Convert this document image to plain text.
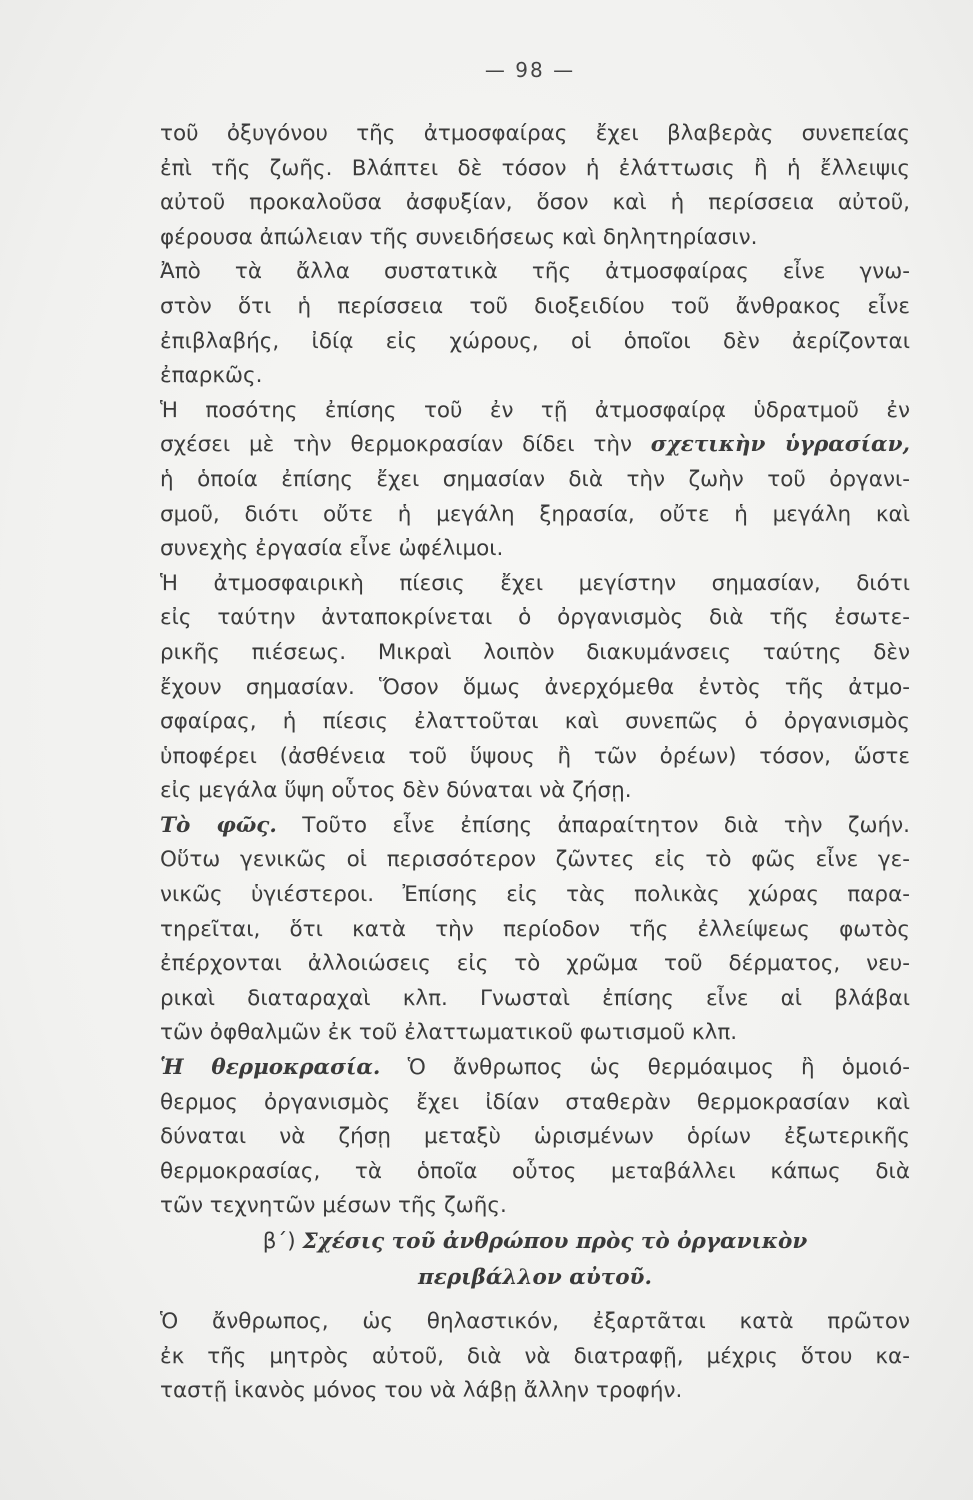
— 98 —
τοῦ ὀξυγόνου τῆς ἀτμοσφαίρας ἔχει βλαβερὰς συνεπείας
ἐπὶ τῆς ζωῆς. Βλάπτει δὲ τόσον ἡ ἐλάττωσις ἢ ἡ ἔλλειψις
αὐτοῦ προκαλοῦσα ἀσφυξίαν, ὅσον καὶ ἡ περίσσεια αὐτοῦ,
φέρουσα ἀπώλειαν τῆς συνειδήσεως καὶ δηλητηρίασιν.
Ἀπὸ τὰ ἄλλα συστατικὰ τῆς ἀτμοσφαίρας εἶνε γνω-
στὸν ὅτι ἡ περίσσεια τοῦ διοξειδίου τοῦ ἄνθρακος εἶνε
ἐπιβλαβής, ἰδίᾳ εἰς χώρους, οἱ ὁποῖοι δὲν ἀερίζονται
ἐπαρκῶς.
Ἡ ποσότης ἐπίσης τοῦ ἐν τῇ ἀτμοσφαίρᾳ ὑδρατμοῦ ἐν
σχέσει μὲ τὴν θερμοκρασίαν δίδει τὴν σχετικὴν ὑγρασίαν,
ἡ ὁποία ἐπίσης ἔχει σημασίαν διὰ τὴν ζωὴν τοῦ ὀργανι-
σμοῦ, διότι οὔτε ἡ μεγάλη ξηρασία, οὔτε ἡ μεγάλη καὶ
συνεχὴς ἐργασία εἶνε ὠφέλιμοι.
Ἡ ἀτμοσφαιρικὴ πίεσις ἔχει μεγίστην σημασίαν, διότι
εἰς ταύτην ἀνταποκρίνεται ὁ ὀργανισμὸς διὰ τῆς ἐσωτε-
ρικῆς πιέσεως. Μικραὶ λοιπὸν διακυμάνσεις ταύτης δὲν
ἔχουν σημασίαν. Ὅσον ὅμως ἀνερχόμεθα ἐντὸς τῆς ἀτμο-
σφαίρας, ἡ πίεσις ἐλαττοῦται καὶ συνεπῶς ὁ ὀργανισμὸς
ὑποφέρει (ἀσθένεια τοῦ ὕψους ἢ τῶν ὀρέων) τόσον, ὥστε
εἰς μεγάλα ὕψη οὗτος δὲν δύναται νὰ ζήσῃ.
Τὸ φῶς. Τοῦτο εἶνε ἐπίσης ἀπαραίτητον διὰ τὴν ζωήν.
Οὕτω γενικῶς οἱ περισσότερον ζῶντες εἰς τὸ φῶς εἶνε γε-
νικῶς ὑγιέστεροι. Ἐπίσης εἰς τὰς πολικὰς χώρας παρα-
τηρεῖται, ὅτι κατὰ τὴν περίοδον τῆς ἐλλείψεως φωτὸς
ἐπέρχονται ἀλλοιώσεις εἰς τὸ χρῶμα τοῦ δέρματος, νευ-
ρικαὶ διαταραχαὶ κλπ. Γνωσταὶ ἐπίσης εἶνε αἱ βλάβαι
τῶν ὀφθαλμῶν ἐκ τοῦ ἐλαττωματικοῦ φωτισμοῦ κλπ.
Ἡ θερμοκρασία. Ὁ ἄνθρωπος ὡς θερμόαιμος ἢ ὁμοιό-
θερμος ὀργανισμὸς ἔχει ἰδίαν σταθερὰν θερμοκρασίαν καὶ
δύναται νὰ ζήσῃ μεταξὺ ὡρισμένων ὁρίων ἐξωτερικῆς
θερμοκρασίας, τὰ ὁποῖα οὗτος μεταβάλλει κάπως διὰ
τῶν τεχνητῶν μέσων τῆς ζωῆς.
β΄) Σχέσις τοῦ ἀνθρώπου πρὸς τὸ ὀργανικὸν
περιβάλλον αὐτοῦ.
Ὁ ἄνθρωπος, ὡς θηλαστικόν, ἐξαρτᾶται κατὰ πρῶτον
ἐκ τῆς μητρὸς αὐτοῦ, διὰ νὰ διατραφῇ, μέχρις ὅτου κα-
ταστῇ ἱκανὸς μόνος του νὰ λάβῃ ἄλλην τροφήν.
